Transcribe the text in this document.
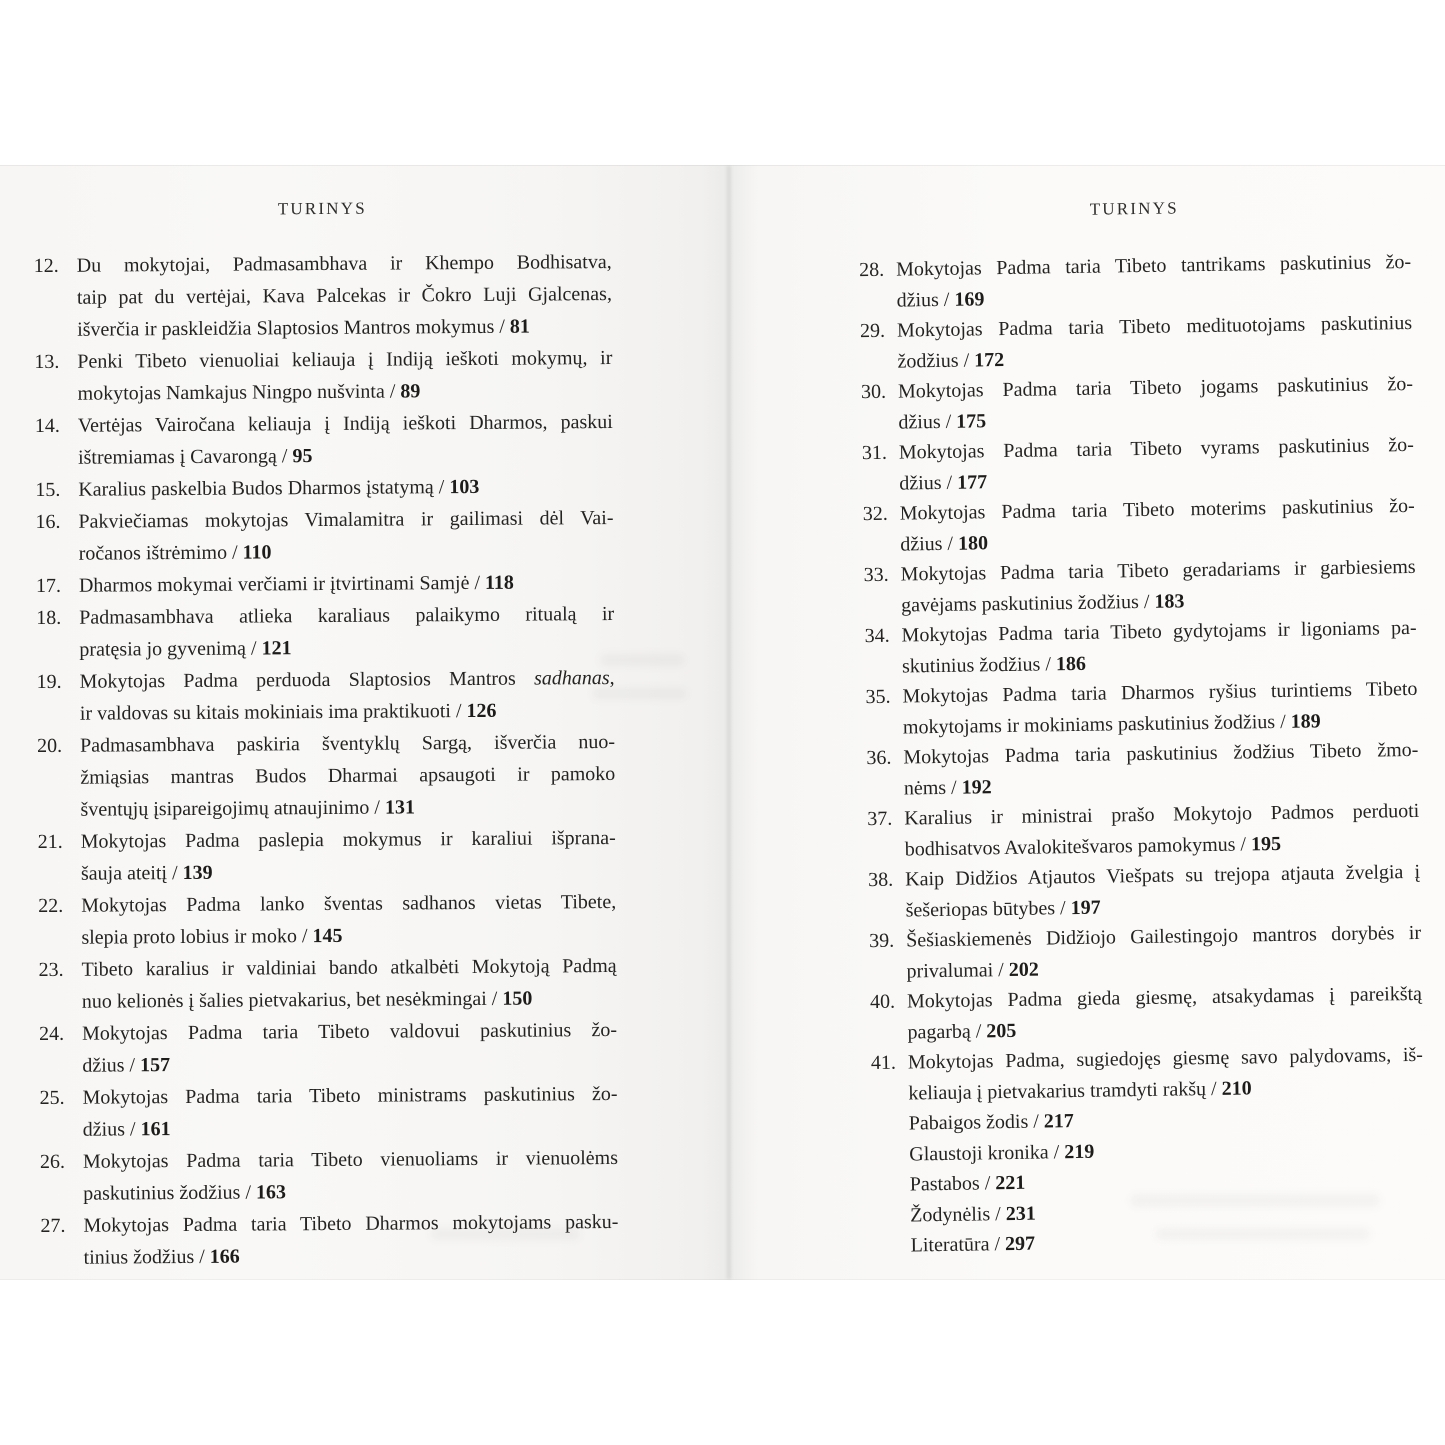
TURINYS
12. Du mokytojai, Padmasambhava ir Khempo Bodhisatva,
taip pat du vertėjai, Kava Palcekas ir Čokro Luji Gjalcenas,
išverčia ir paskleidžia Slaptosios Mantros mokymus / 81
13. Penki Tibeto vienuoliai keliauja į Indiją ieškoti mokymų, ir
mokytojas Namkajus Ningpo nušvinta / 89
14. Vertėjas Vairočana keliauja į Indiją ieškoti Dharmos, paskui
ištremiamas į Cavarongą / 95
15. Karalius paskelbia Budos Dharmos įstatymą / 103
16. Pakviečiamas mokytojas Vimalamitra ir gailimasi dėl Vai-
ročanos ištrėmimo / 110
17. Dharmos mokymai verčiami ir įtvirtinami Samjė / 118
18. Padmasambhava atlieka karaliaus palaikymo ritualą ir
pratęsia jo gyvenimą / 121
19. Mokytojas Padma perduoda Slaptosios Mantros sadhanas,
ir valdovas su kitais mokiniais ima praktikuoti / 126
20. Padmasambhava paskiria šventyklų Sargą, išverčia nuo-
žmiąsias mantras Budos Dharmai apsaugoti ir pamoko
šventųjų įsipareigojimų atnaujinimo / 131
21. Mokytojas Padma paslepia mokymus ir karaliui išprana-
šauja ateitį / 139
22. Mokytojas Padma lanko šventas sadhanos vietas Tibete,
slepia proto lobius ir moko / 145
23. Tibeto karalius ir valdiniai bando atkalbėti Mokytoją Padmą
nuo kelionės į šalies pietvakarius, bet nesėkmingai / 150
24. Mokytojas Padma taria Tibeto valdovui paskutinius žo-
džius / 157
25. Mokytojas Padma taria Tibeto ministrams paskutinius žo-
džius / 161
26. Mokytojas Padma taria Tibeto vienuoliams ir vienuolėms
paskutinius žodžius / 163
27. Mokytojas Padma taria Tibeto Dharmos mokytojams pasku-
tinius žodžius / 166
TURINYS
28. Mokytojas Padma taria Tibeto tantrikams paskutinius žo-
džius / 169
29. Mokytojas Padma taria Tibeto medituotojams paskutinius
žodžius / 172
30. Mokytojas Padma taria Tibeto jogams paskutinius žo-
džius / 175
31. Mokytojas Padma taria Tibeto vyrams paskutinius žo-
džius / 177
32. Mokytojas Padma taria Tibeto moterims paskutinius žo-
džius / 180
33. Mokytojas Padma taria Tibeto geradariams ir garbiesiems
gavėjams paskutinius žodžius / 183
34. Mokytojas Padma taria Tibeto gydytojams ir ligoniams pa-
skutinius žodžius / 186
35. Mokytojas Padma taria Dharmos ryšius turintiems Tibeto
mokytojams ir mokiniams paskutinius žodžius / 189
36. Mokytojas Padma taria paskutinius žodžius Tibeto žmo-
nėms / 192
37. Karalius ir ministrai prašo Mokytojo Padmos perduoti
bodhisatvos Avalokitešvaros pamokymus / 195
38. Kaip Didžios Atjautos Viešpats su trejopa atjauta žvelgia į
šešeriopas būtybes / 197
39. Šešiaskiemenės Didžiojo Gailestingojo mantros dorybės ir
privalumai / 202
40. Mokytojas Padma gieda giesmę, atsakydamas į pareikštą
pagarbą / 205
41. Mokytojas Padma, sugiedojęs giesmę savo palydovams, iš-
keliauja į pietvakarius tramdyti rakšų / 210
Pabaigos žodis / 217
Glaustoji kronika / 219
Pastabos / 221
Žodynėlis / 231
Literatūra / 297
